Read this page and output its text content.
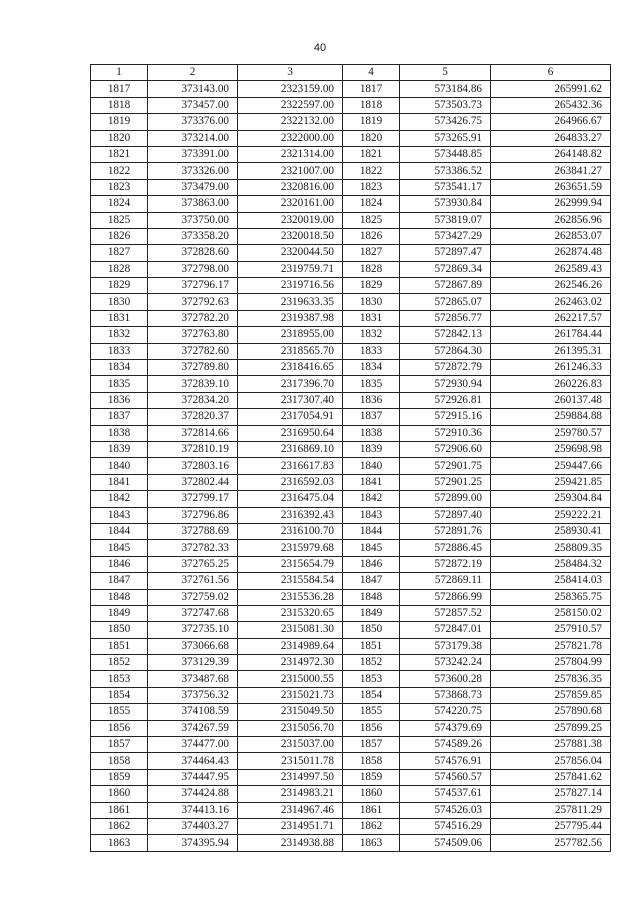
40
1	2	3	4	5	6
1817	373143.00	2323159.00	1817	573184.86	265991.62
1818	373457.00	2322597.00	1818	573503.73	265432.36
1819	373376.00	2322132.00	1819	573426.75	264966.67
1820	373214.00	2322000.00	1820	573265.91	264833.27
1821	373391.00	2321314.00	1821	573448.85	264148.82
1822	373326.00	2321007.00	1822	573386.52	263841.27
1823	373479.00	2320816.00	1823	573541.17	263651.59
1824	373863.00	2320161.00	1824	573930.84	262999.94
1825	373750.00	2320019.00	1825	573819.07	262856.96
1826	373358.20	2320018.50	1826	573427.29	262853.07
1827	372828.60	2320044.50	1827	572897.47	262874.48
1828	372798.00	2319759.71	1828	572869.34	262589.43
1829	372796.17	2319716.56	1829	572867.89	262546.26
1830	372792.63	2319633.35	1830	572865.07	262463.02
1831	372782.20	2319387.98	1831	572856.77	262217.57
1832	372763.80	2318955.00	1832	572842.13	261784.44
1833	372782.60	2318565.70	1833	572864.30	261395.31
1834	372789.80	2318416.65	1834	572872.79	261246.33
1835	372839.10	2317396.70	1835	572930.94	260226.83
1836	372834.20	2317307.40	1836	572926.81	260137.48
1837	372820.37	2317054.91	1837	572915.16	259884.88
1838	372814.66	2316950.64	1838	572910.36	259780.57
1839	372810.19	2316869.10	1839	572906.60	259698.98
1840	372803.16	2316617.83	1840	572901.75	259447.66
1841	372802.44	2316592.03	1841	572901.25	259421.85
1842	372799.17	2316475.04	1842	572899.00	259304.84
1843	372796.86	2316392.43	1843	572897.40	259222.21
1844	372788.69	2316100.70	1844	572891.76	258930.41
1845	372782.33	2315979.68	1845	572886.45	258809.35
1846	372765.25	2315654.79	1846	572872.19	258484.32
1847	372761.56	2315584.54	1847	572869.11	258414.03
1848	372759.02	2315536.28	1848	572866.99	258365.75
1849	372747.68	2315320.65	1849	572857.52	258150.02
1850	372735.10	2315081.30	1850	572847.01	257910.57
1851	373066.68	2314989.64	1851	573179.38	257821.78
1852	373129.39	2314972.30	1852	573242.24	257804.99
1853	373487.68	2315000.55	1853	573600.28	257836.35
1854	373756.32	2315021.73	1854	573868.73	257859.85
1855	374108.59	2315049.50	1855	574220.75	257890.68
1856	374267.59	2315056.70	1856	574379.69	257899.25
1857	374477.00	2315037.00	1857	574589.26	257881.38
1858	374464.43	2315011.78	1858	574576.91	257856.04
1859	374447.95	2314997.50	1859	574560.57	257841.62
1860	374424.88	2314983.21	1860	574537.61	257827.14
1861	374413.16	2314967.46	1861	574526.03	257811.29
1862	374403.27	2314951.71	1862	574516.29	257795.44
1863	374395.94	2314938.88	1863	574509.06	257782.56
